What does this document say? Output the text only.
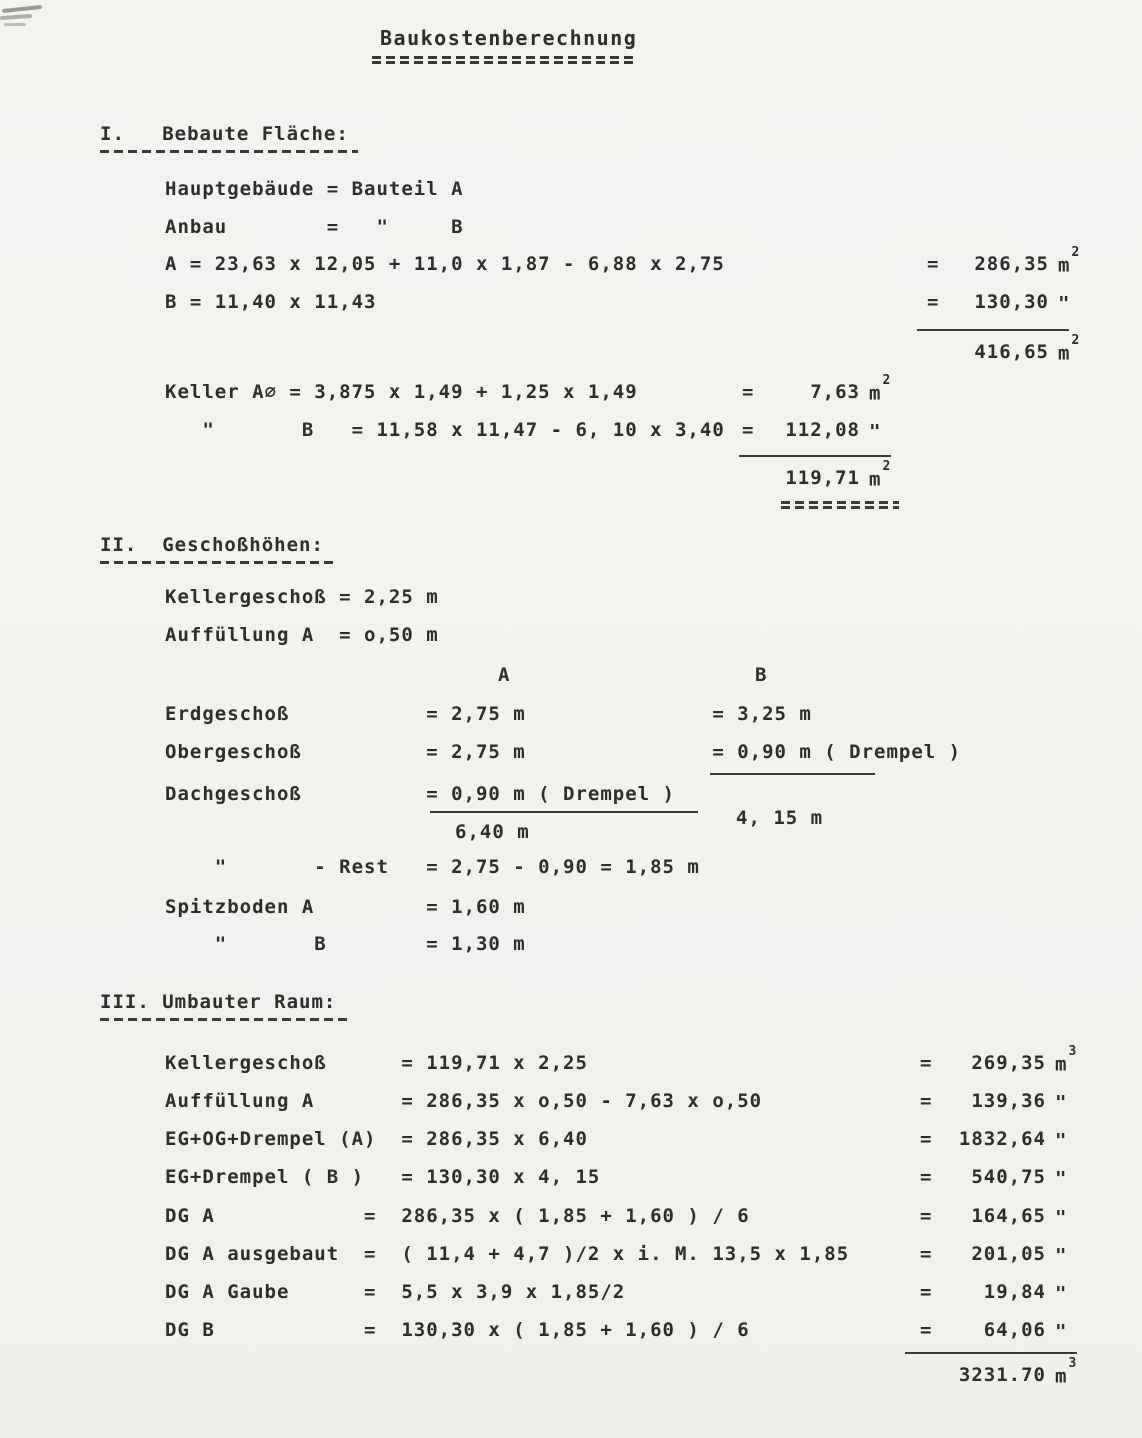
Baukostenberechnung
I.   Bebaute Fläche:
Hauptgebäude = Bauteil A
Anbau        =   "     B
A = 23,63 x 12,05 + 11,0 x 1,87 - 6,88 x 2,75	=	286,35 $m^2$
B = 11,40 x 11,43	=	130,30 "
416,65 $m^2$
Keller A∅ = 3,875 x 1,49 + 1,25 x 1,49	=	7,63 $m^2$
"       B   = 11,58 x 11,47 - 6, 10 x 3,40 =	112,08 "
119,71 $m^2$
II.  Geschoßhöhen:
Kellergeschoß = 2,25 m
Auffüllung A  = o,50 m
A	B
Erdgeschoß           = 2,75 m               = 3,25 m
Obergeschoß          = 2,75 m               = 0,90 m ( Drempel )
Dachgeschoß          = 0,90 m ( Drempel )
6,40 m
4, 15 m
"       - Rest   = 2,75 - 0,90 = 1,85 m
Spitzboden A         = 1,60 m
"       B        = 1,30 m
III. Umbauter Raum:
Kellergeschoß      = 119,71 x 2,25	=	269,35 $m^3$
Auffüllung A       = 286,35 x o,50 - 7,63 x o,50	=	139,36 "
EG+OG+Drempel (A)  = 286,35 x 6,40	=	1832,64 "
EG+Drempel ( B )   = 130,30 x 4, 15	=	540,75 "
DG A            =  286,35 x ( 1,85 + 1,60 ) / 6	=	164,65 "
DG A ausgebaut  =  ( 11,4 + 4,7 )/2 x i. M. 13,5 x 1,85	=	201,05 "
DG A Gaube      =  5,5 x 3,9 x 1,85/2	=	19,84 "
DG B            =  130,30 x ( 1,85 + 1,60 ) / 6	=	64,06 "
3231.70 $m^3$
